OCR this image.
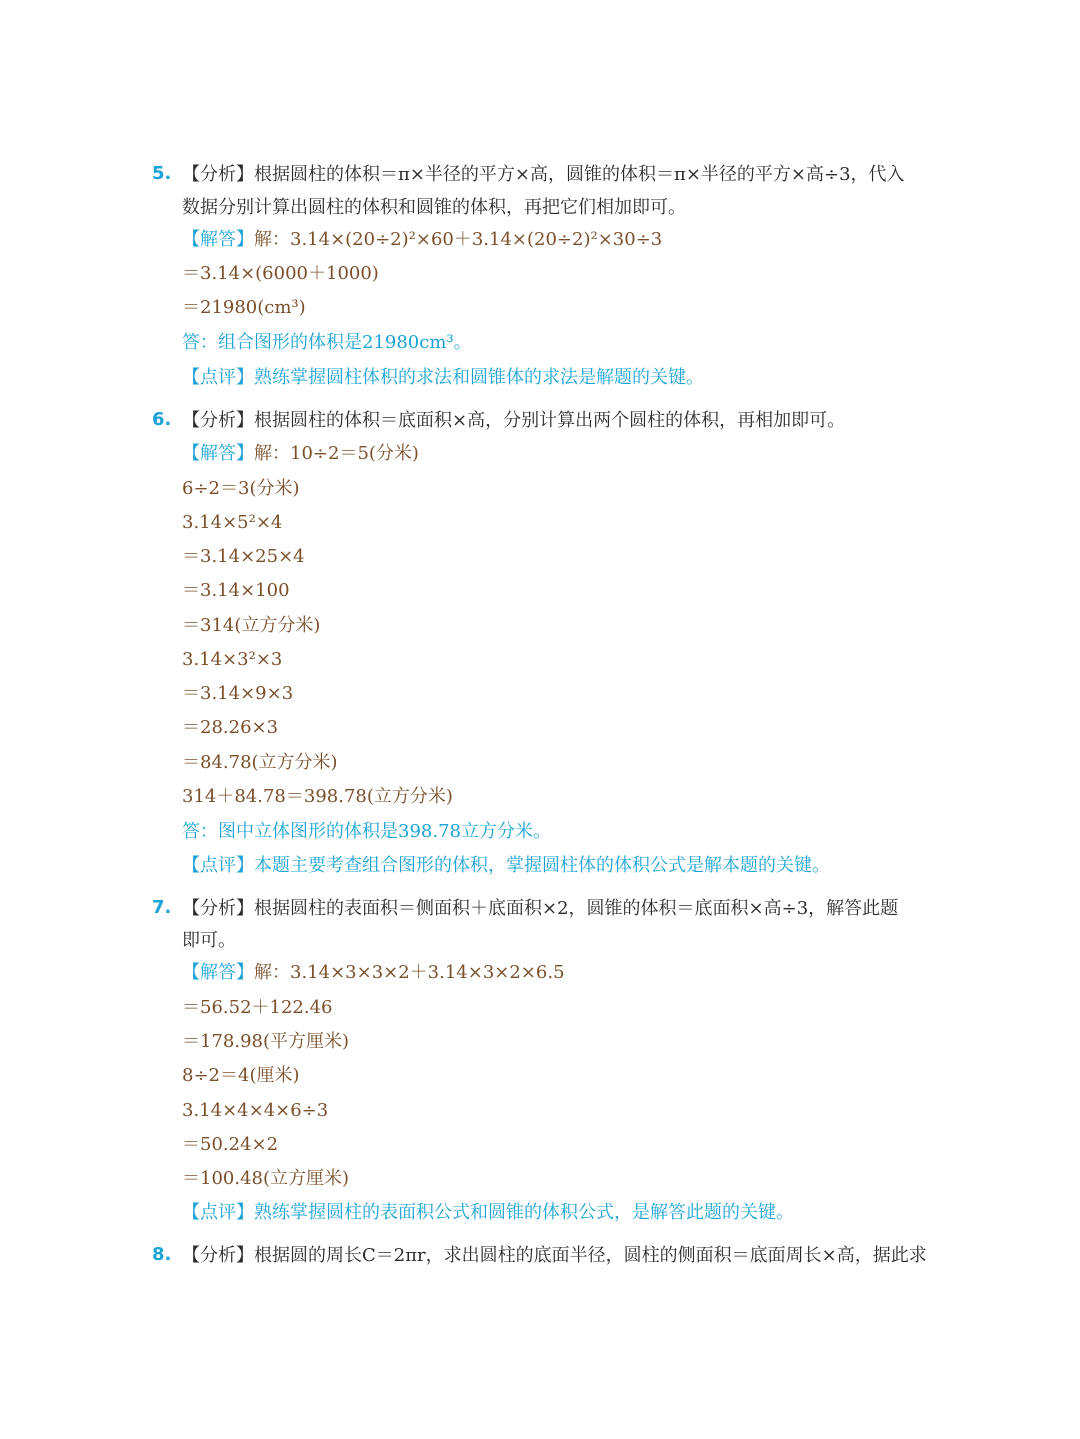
5. 【分析】根据圆柱的体积＝π×半径的平方×高，圆锥的体积＝π×半径的平方×高÷3，代入
数据分别计算出圆柱的体积和圆锥的体积，再把它们相加即可。
【解答】解：3.14×(20÷2)²×60＋3.14×(20÷2)²×30÷3
＝3.14×(6000＋1000)
＝21980(cm³)
答：组合图形的体积是21980cm³。
【点评】熟练掌握圆柱体积的求法和圆锥体的求法是解题的关键。
6. 【分析】根据圆柱的体积＝底面积×高，分别计算出两个圆柱的体积，再相加即可。
【解答】解：10÷2＝5(分米)
6÷2＝3(分米)
3.14×5²×4
＝3.14×25×4
＝3.14×100
＝314(立方分米)
3.14×3²×3
＝3.14×9×3
＝28.26×3
＝84.78(立方分米)
314＋84.78＝398.78(立方分米)
答：图中立体图形的体积是398.78立方分米。
【点评】本题主要考查组合图形的体积，掌握圆柱体的体积公式是解本题的关键。
7. 【分析】根据圆柱的表面积＝侧面积＋底面积×2，圆锥的体积＝底面积×高÷3，解答此题
即可。
【解答】解：3.14×3×3×2＋3.14×3×2×6.5
＝56.52＋122.46
＝178.98(平方厘米)
8÷2＝4(厘米)
3.14×4×4×6÷3
＝50.24×2
＝100.48(立方厘米)
【点评】熟练掌握圆柱的表面积公式和圆锥的体积公式，是解答此题的关键。
8. 【分析】根据圆的周长C＝2πr，求出圆柱的底面半径，圆柱的侧面积＝底面周长×高，据此求
